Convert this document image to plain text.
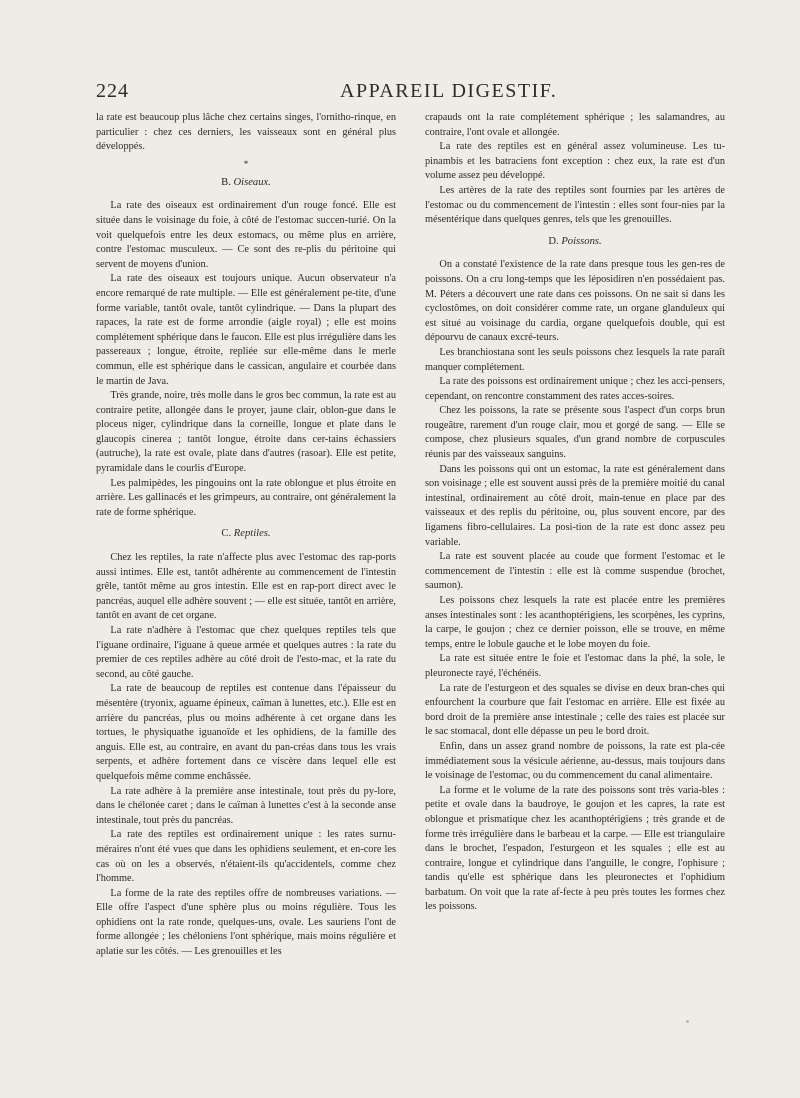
224	APPAREIL DIGESTIF.

la rate est beaucoup plus lâche chez certains singes, l'ornitho-rinque, en particulier : chez ces derniers, les vaisseaux sont en général plus développés.

*
B. Oiseaux.

La rate des oiseaux est ordinairement d'un rouge foncé. Elle est située dans le voisinage du foie, à côté de l'estomac succen-turié. On la voit quelquefois entre les deux estomacs, ou même plus en arrière, contre l'estomac musculeux. — Ce sont des re-plis du péritoine qui servent de moyens d'union.

La rate des oiseaux est toujours unique. Aucun observateur n'a encore remarqué de rate multiple. — Elle est généralement pe-tite, d'une forme variable, tantôt ovale, tantôt cylindrique. — Dans la plupart des rapaces, la rate est de forme arrondie (aigle royal) ; elle est moins complétement sphérique dans le faucon. Elle est plus irrégulière dans les passereaux ; longue, étroite, repliée sur elle-même dans le merle commun, elle est sphérique dans le cassican, angulaire et courbée dans le martin de Java.

Très grande, noire, très molle dans le gros bec commun, la rate est au contraire petite, allongée dans le proyer, jaune clair, oblon-gue dans le ploceus niger, cylindrique dans la corneille, longue et plate dans le glaucopis cinerea ; tantôt longue, étroite dans cer-tains échassiers (autruche), la rate est ovale, plate dans d'autres (rasoar). Elle est petite, pyramidale dans le courlis d'Europe.

Les palmipèdes, les pingouins ont la rate oblongue et plus étroite en arrière. Les gallinacés et les grimpeurs, au contraire, ont généralement la rate de forme sphérique.

C. Reptiles.

Chez les reptiles, la rate n'affecte plus avec l'estomac des rap-ports aussi intimes. Elle est, tantôt adhérente au commencement de l'intestin grêle, tantôt même au gros intestin. Elle est en rap-port direct avec le pancréas, auquel elle adhère souvent ; — elle est située, tantôt en arrière, tantôt en avant de cet organe.

La rate n'adhère à l'estomac que chez quelques reptiles tels que l'iguane ordinaire, l'iguane à queue armée et quelques autres : la rate du premier de ces reptiles adhère au côté droit de l'esto-mac, et la rate du second, au côté gauche.

La rate de beaucoup de reptiles est contenue dans l'épaisseur du mésentère (tryonix, aguame épineux, caïman à lunettes, etc.). Elle est en arrière du pancréas, plus ou moins adhérente à cet organe dans les tortues, le physiquathe iguanoïde et les ophidiens, de la famille des anguis. Elle est, au contraire, en avant du pan-créas dans tous les vrais serpents, et adhère fortement dans ce viscère dans lequel elle est quelquefois même comme enchâssée.

La rate adhère à la première anse intestinale, tout près du py-lore, dans le chélonée caret ; dans le caïman à lunettes c'est à la seconde anse intestinale, tout près du pancréas.

La rate des reptiles est ordinairement unique : les rates surnu-méraires n'ont été vues que dans les ophidiens seulement, et en-core les cas où on les a observés, n'étaient-ils qu'accidentels, comme chez l'homme.

La forme de la rate des reptiles offre de nombreuses variations. — Elle offre l'aspect d'une sphère plus ou moins régulière. Tous les ophidiens ont la rate ronde, quelques-uns, ovale. Les sauriens l'ont de forme allongée ; les chéloniens l'ont sphérique, mais moins régulière et aplatie sur les côtés. — Les grenouilles et les

crapauds ont la rate complétement sphérique ; les salamandres, au contraire, l'ont ovale et allongée.

La rate des reptiles est en général assez volumineuse. Les tu-pinambis et les batraciens font exception : chez eux, la rate est d'un volume assez peu développé.

Les artères de la rate des reptiles sont fournies par les artères de l'estomac ou du commencement de l'intestin : elles sont four-nies par la mésentérique dans quelques genres, tels que les grenouilles.

D. Poissons.

On a constaté l'existence de la rate dans presque tous les gen-res de poissons. On a cru long-temps que les léposidiren n'en possédaient pas. M. Péters a découvert une rate dans ces poissons. On ne sait si dans les cyclostômes, on doit considérer comme rate, un organe glanduleux qui est situé au voisinage du cardia, organe quelquefois double, qui est dépourvu de canaux excré-teurs.

Les branchiostana sont les seuls poissons chez lesquels la rate paraît manquer complétement.

La rate des poissons est ordinairement unique ; chez les acci-pensers, cependant, on rencontre constamment des rates acces-soires.

Chez les poissons, la rate se présente sous l'aspect d'un corps brun rougeâtre, rarement d'un rouge clair, mou et gorgé de sang. — Elle se compose, chez plusieurs squales, d'un grand nombre de corpuscules réunis par des vaisseaux sanguins.

Dans les poissons qui ont un estomac, la rate est généralement dans son voisinage ; elle est souvent aussi près de la première moitié du canal intestinal, ordinairement au côté droit, main-tenue en place par des vaisseaux et des replis du péritoine, ou, plus souvent encore, par des ligamens fibro-cellulaires. La posi-tion de la rate est donc assez peu variable.

La rate est souvent placée au coude que forment l'estomac et le commencement de l'intestin : elle est là comme suspendue (brochet, saumon).

Les poissons chez lesquels la rate est placée entre les premières anses intestinales sont : les acanthoptérigiens, les scorpènes, les cyprins, la carpe, le goujon ; chez ce dernier poisson, elle se trouve, en même temps, entre le lobule gauche et le lobe moyen du foie.

La rate est située entre le foie et l'estomac dans la phé, la sole, le pleuronecte rayé, l'échénéis.

La rate de l'esturgeon et des squales se divise en deux bran-ches qui enfourchent la courbure que fait l'estomac en arrière. Elle est fixée au bord droit de la première anse intestinale ; celle des raies est placée sur le sac stomacal, dont elle dépasse un peu le bord droit.

Enfin, dans un assez grand nombre de poissons, la rate est pla-cée immédiatement sous la vésicule aérienne, au-dessus, mais toujours dans le voisinage de l'estomac, ou du commencement du canal alimentaire.

La forme et le volume de la rate des poissons sont très varia-bles : petite et ovale dans la baudroye, le goujon et les capres, la rate est oblongue et prismatique chez les acanthoptérigiens ; très grande et de forme très irrégulière dans le barbeau et la carpe. — Elle est triangulaire dans le brochet, l'espadon, l'esturgeon et les squales ; elle est au contraire, longue et cylindrique dans l'anguille, le congre, l'ophisure ; tandis qu'elle est sphérique dans les pleuronectes et l'ophidium barbatum. On voit que la rate af-fecte à peu près toutes les formes chez les poissons.
